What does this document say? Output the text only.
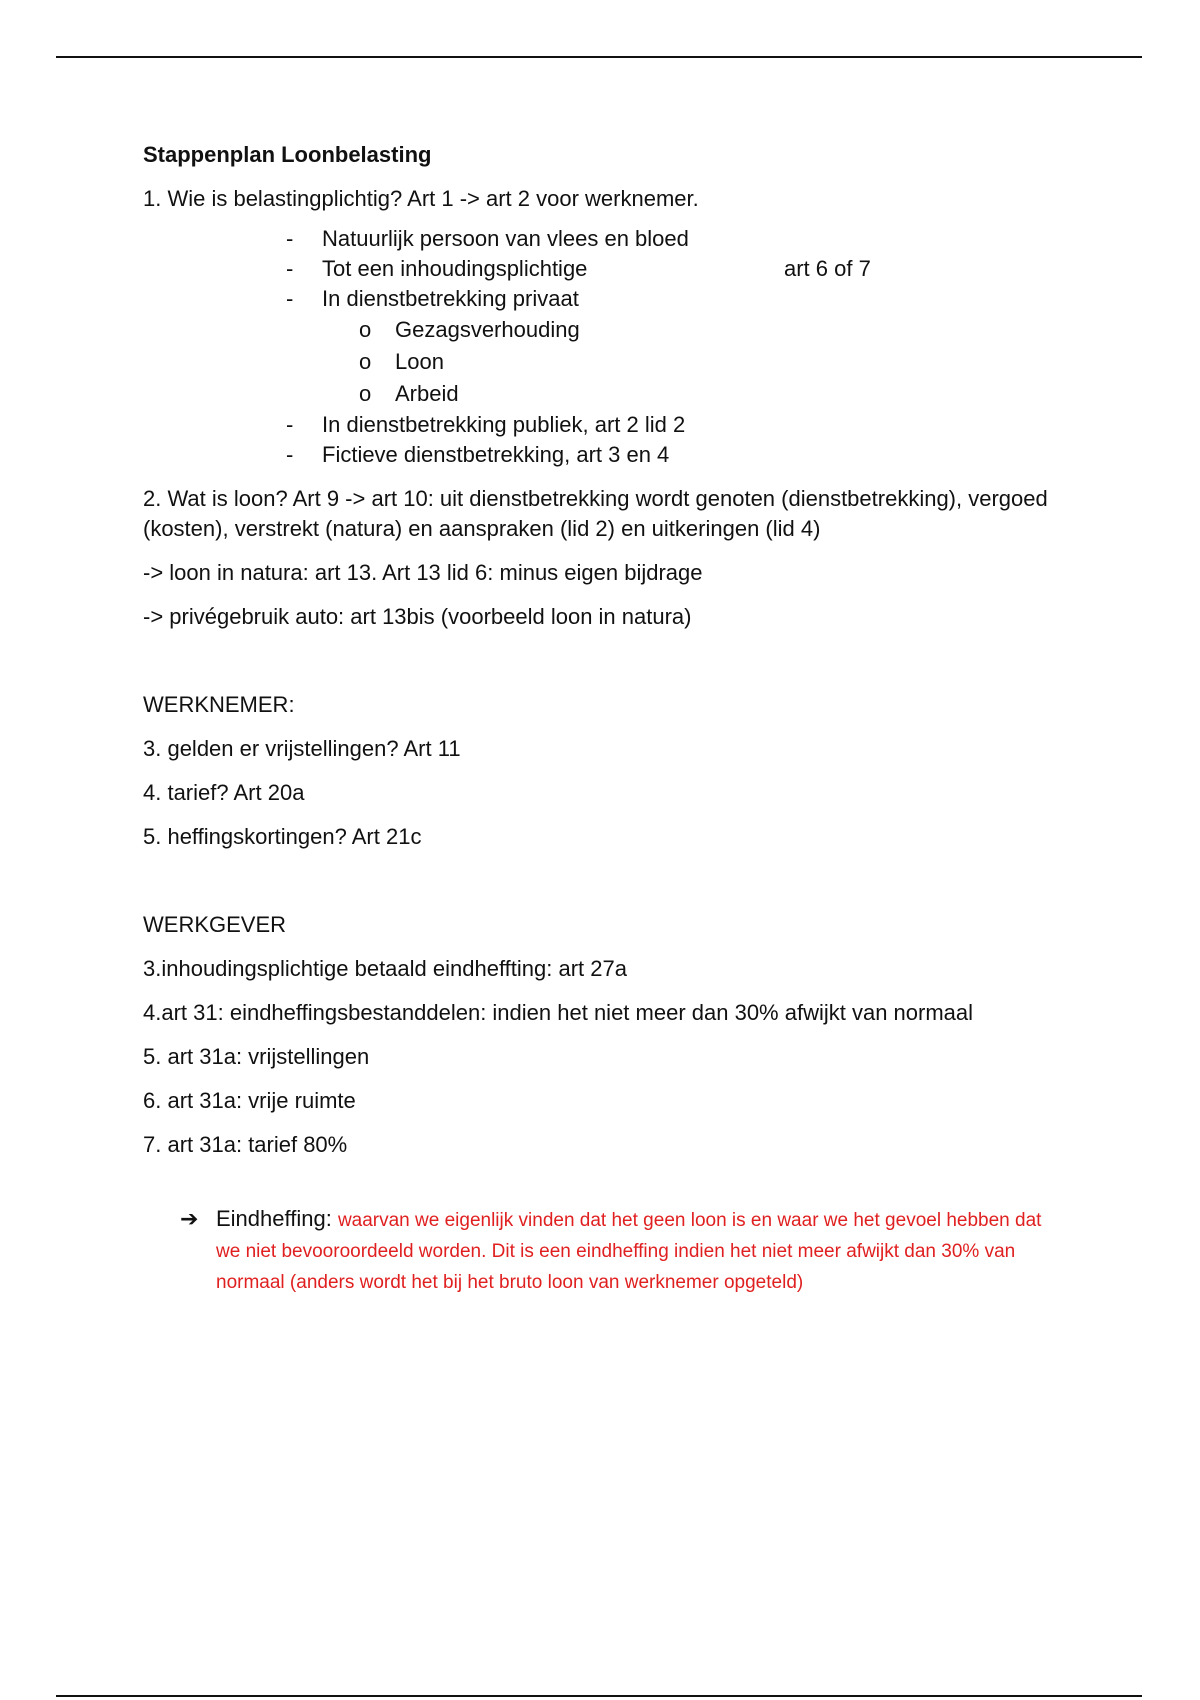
Stappenplan Loonbelasting

1. Wie is belastingplichtig? Art 1 -> art 2 voor werknemer.

- Natuurlijk persoon van vlees en bloed
- Tot een inhoudingsplichtige	art 6 of 7
- In dienstbetrekking privaat
o Gezagsverhouding
o Loon
o Arbeid
- In dienstbetrekking publiek, art 2 lid 2
- Fictieve dienstbetrekking, art 3 en 4

2. Wat is loon? Art 9 -> art 10: uit dienstbetrekking wordt genoten (dienstbetrekking), vergoed (kosten), verstrekt (natura) en aanspraken (lid 2) en uitkeringen (lid 4)

-> loon in natura: art 13. Art 13 lid 6: minus eigen bijdrage

-> privégebruik auto: art 13bis (voorbeeld loon in natura)

WERKNEMER:

3. gelden er vrijstellingen? Art 11

4. tarief? Art 20a

5. heffingskortingen? Art 21c

WERKGEVER

3.inhoudingsplichtige betaald eindheffting: art 27a

4.art 31: eindheffingsbestanddelen: indien het niet meer dan 30% afwijkt van normaal

5. art 31a: vrijstellingen

6. art 31a: vrije ruimte

7. art 31a: tarief 80%

➔ Eindheffing: waarvan we eigenlijk vinden dat het geen loon is en waar we het gevoel hebben dat we niet bevooroordeeld worden. Dit is een eindheffing indien het niet meer afwijkt dan 30% van normaal (anders wordt het bij het bruto loon van werknemer opgeteld)
